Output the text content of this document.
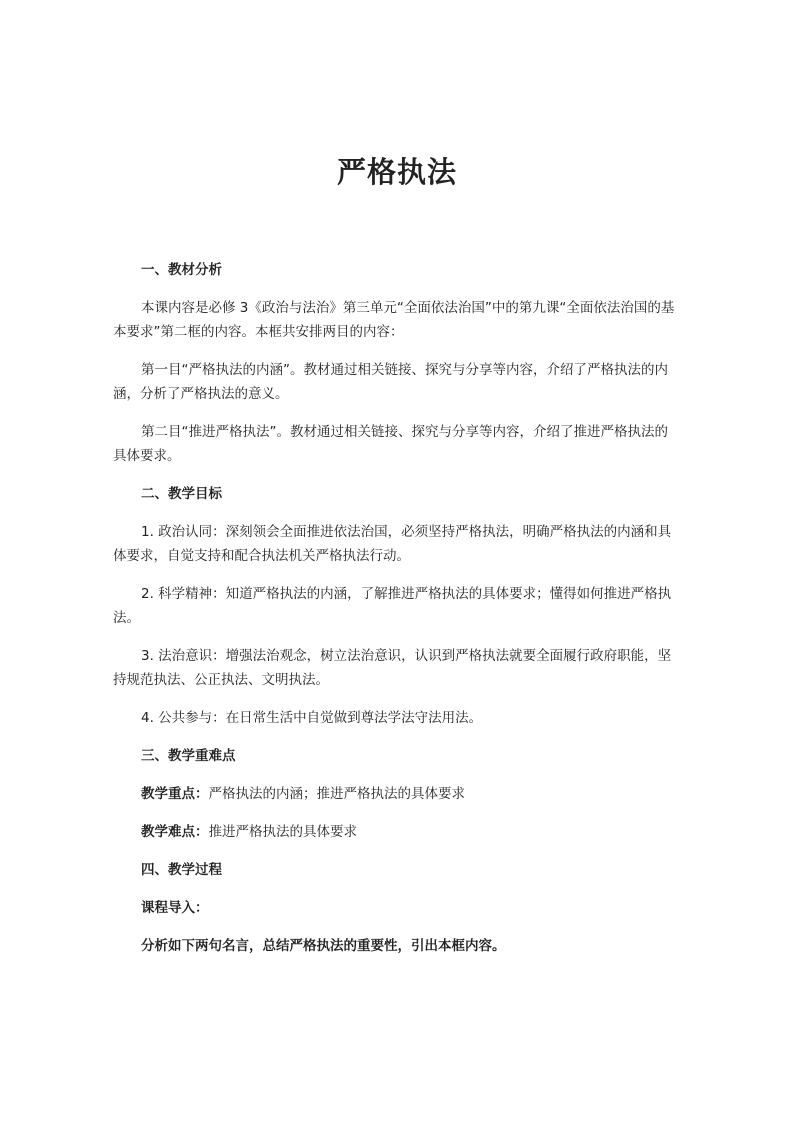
严格执法

一、教材分析

本课内容是必修 3《政治与法治》第三单元“全面依法治国”中的第九课“全面依法治国的基本要求”第二框的内容。本框共安排两目的内容：

第一目“严格执法的内涵”。教材通过相关链接、探究与分享等内容，介绍了严格执法的内涵，分析了严格执法的意义。

第二目“推进严格执法”。教材通过相关链接、探究与分享等内容，介绍了推进严格执法的具体要求。

二、教学目标

1. 政治认同：深刻领会全面推进依法治国，必须坚持严格执法，明确严格执法的内涵和具体要求，自觉支持和配合执法机关严格执法行动。

2. 科学精神：知道严格执法的内涵，了解推进严格执法的具体要求；懂得如何推进严格执法。

3. 法治意识：增强法治观念，树立法治意识，认识到严格执法就要全面履行政府职能，坚持规范执法、公正执法、文明执法。

4. 公共参与：在日常生活中自觉做到尊法学法守法用法。

三、教学重难点

教学重点：严格执法的内涵；推进严格执法的具体要求

教学难点：推进严格执法的具体要求

四、教学过程

课程导入：

分析如下两句名言，总结严格执法的重要性，引出本框内容。
